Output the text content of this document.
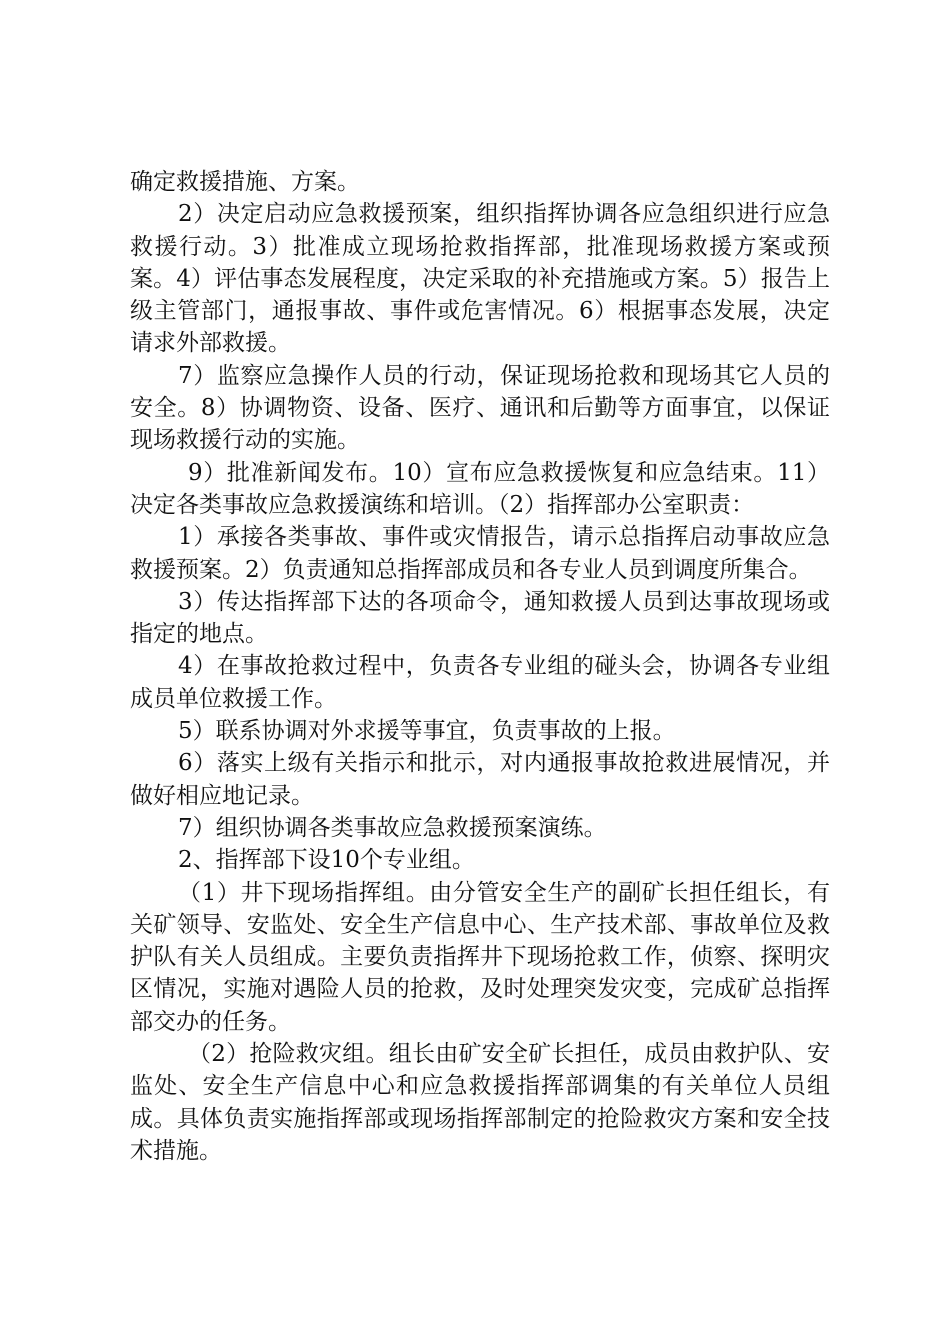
确定救援措施、方案。

2）决定启动应急救援预案，组织指挥协调各应急组织进行应急救援行动。3）批准成立现场抢救指挥部，批准现场救援方案或预案。4）评估事态发展程度，决定采取的补充措施或方案。5）报告上级主管部门，通报事故、事件或危害情况。6）根据事态发展，决定请求外部救援。

7）监察应急操作人员的行动，保证现场抢救和现场其它人员的安全。8）协调物资、设备、医疗、通讯和后勤等方面事宜，以保证现场救援行动的实施。

9）批准新闻发布。10）宣布应急救援恢复和应急结束。11）决定各类事故应急救援演练和培训。（2）指挥部办公室职责：

1）承接各类事故、事件或灾情报告，请示总指挥启动事故应急救援预案。2）负责通知总指挥部成员和各专业人员到调度所集合。

3）传达指挥部下达的各项命令，通知救援人员到达事故现场或指定的地点。

4）在事故抢救过程中，负责各专业组的碰头会，协调各专业组成员单位救援工作。

5）联系协调对外求援等事宜，负责事故的上报。

6）落实上级有关指示和批示，对内通报事故抢救进展情况，并做好相应地记录。

7）组织协调各类事故应急救援预案演练。

2、指挥部下设10个专业组。

（1）井下现场指挥组。由分管安全生产的副矿长担任组长，有关矿领导、安监处、安全生产信息中心、生产技术部、事故单位及救护队有关人员组成。主要负责指挥井下现场抢救工作，侦察、探明灾区情况，实施对遇险人员的抢救，及时处理突发灾变，完成矿总指挥部交办的任务。

（2）抢险救灾组。组长由矿安全矿长担任，成员由救护队、安监处、安全生产信息中心和应急救援指挥部调集的有关单位人员组成。具体负责实施指挥部或现场指挥部制定的抢险救灾方案和安全技术措施。
